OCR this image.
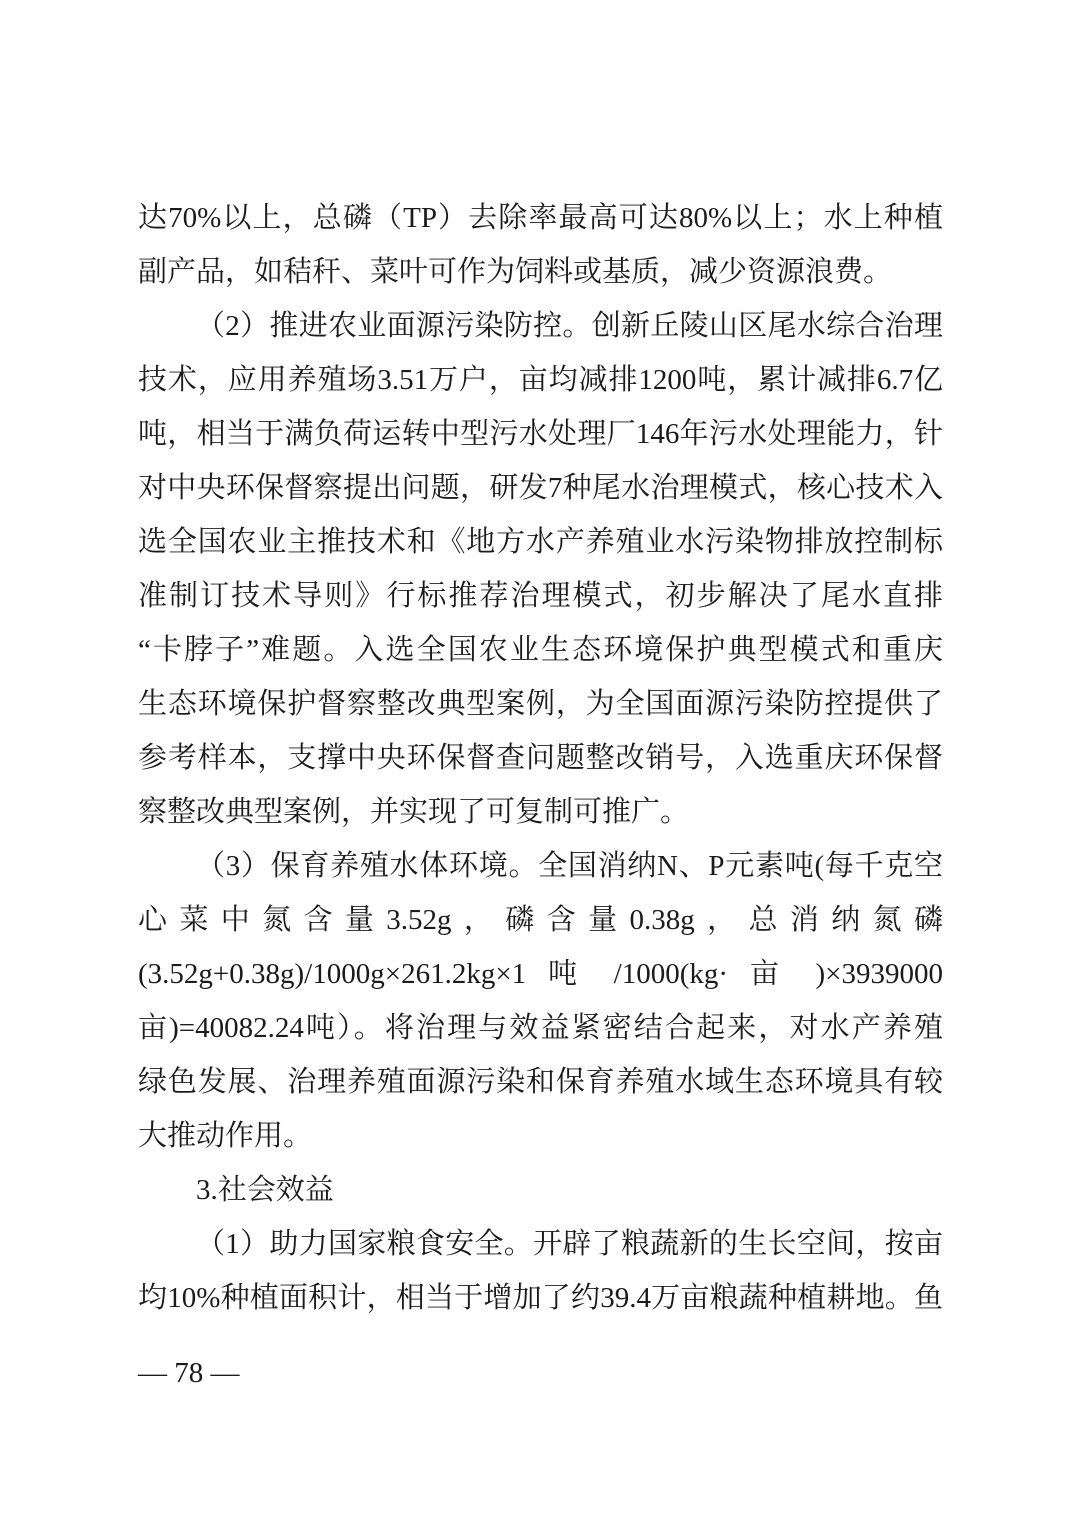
达70%以上，总磷（TP）去除率最高可达80%以上；水上种植
副产品，如秸秆、菜叶可作为饲料或基质，减少资源浪费。
（2）推进农业面源污染防控。创新丘陵山区尾水综合治理
技术，应用养殖场3.51万户，亩均减排1200吨，累计减排6.7亿
吨，相当于满负荷运转中型污水处理厂146年污水处理能力，针
对中央环保督察提出问题，研发7种尾水治理模式，核心技术入
选全国农业主推技术和《地方水产养殖业水污染物排放控制标
准制订技术导则》行标推荐治理模式，初步解决了尾水直排
“卡脖子”难题。入选全国农业生态环境保护典型模式和重庆
生态环境保护督察整改典型案例，为全国面源污染防控提供了
参考样本，支撑中央环保督查问题整改销号，入选重庆环保督
察整改典型案例，并实现了可复制可推广。
（3）保育养殖水体环境。全国消纳N、P元素吨(每千克空
心菜中氮含量3.52g，磷含量0.38g，总消纳氮磷
(3.52g+0.38g)/1000g×261.2kg×1 吨 /1000(kg· 亩 )×3939000
亩)=40082.24吨）。将治理与效益紧密结合起来，对水产养殖
绿色发展、治理养殖面源污染和保育养殖水域生态环境具有较
大推动作用。
3.社会效益
（1）助力国家粮食安全。开辟了粮蔬新的生长空间，按亩
均10%种植面积计，相当于增加了约39.4万亩粮蔬种植耕地。鱼
— 78 —
